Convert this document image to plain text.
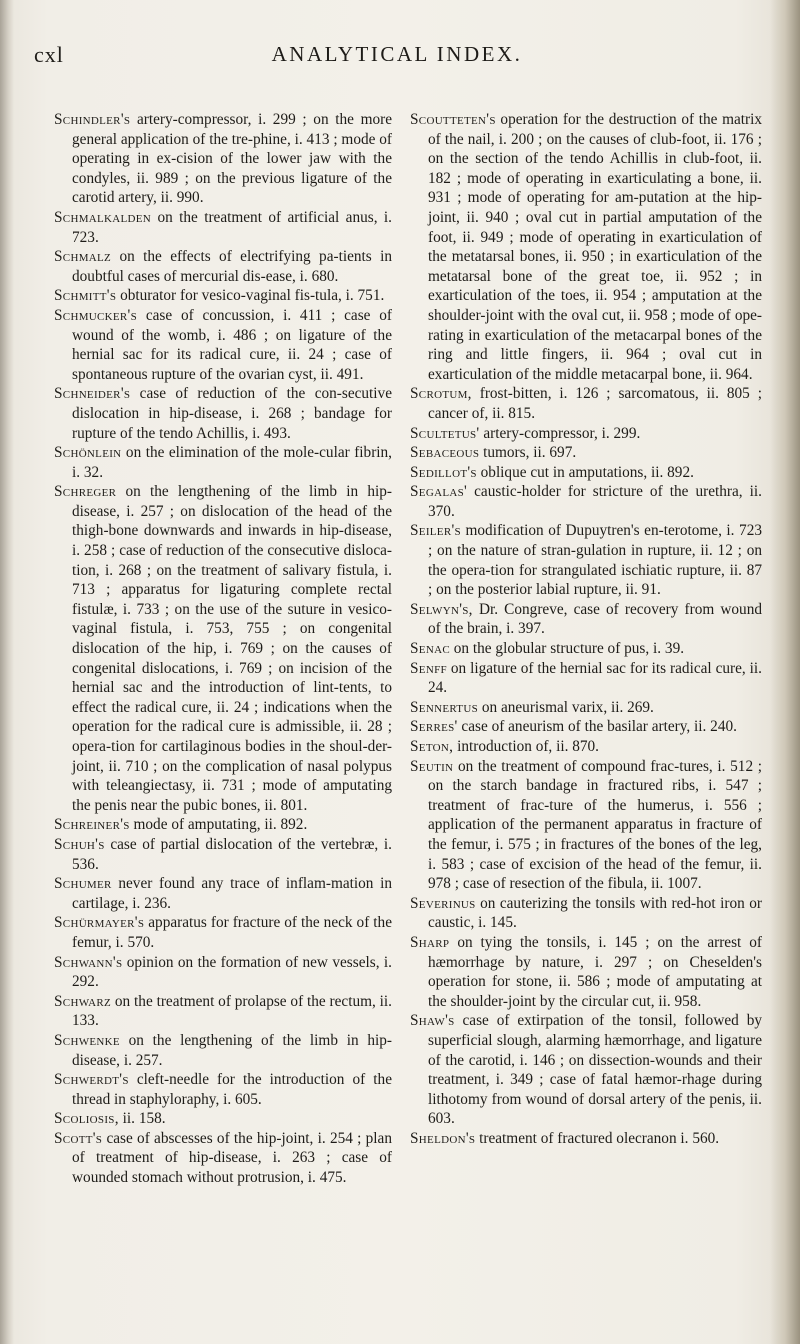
cxl	ANALYTICAL INDEX.

Schindler's artery-compressor, i. 299 ; on the more general application of the tre-phine, i. 413 ; mode of operating in ex-cision of the lower jaw with the condyles, ii. 989 ; on the previous ligature of the carotid artery, ii. 990.

Schmalkalden on the treatment of artificial anus, i. 723.

Schmalz on the effects of electrifying pa-tients in doubtful cases of mercurial dis-ease, i. 680.

Schmitt's obturator for vesico-vaginal fis-tula, i. 751.

Schmucker's case of concussion, i. 411 ; case of wound of the womb, i. 486 ; on ligature of the hernial sac for its radical cure, ii. 24 ; case of spontaneous rupture of the ovarian cyst, ii. 491.

Schneider's case of reduction of the con-secutive dislocation in hip-disease, i. 268 ; bandage for rupture of the tendo Achillis, i. 493.

Schönlein on the elimination of the mole-cular fibrin, i. 32.

Schreger on the lengthening of the limb in hip-disease, i. 257 ; on dislocation of the head of the thigh-bone downwards and inwards in hip-disease, i. 258 ; case of reduction of the consecutive disloca-tion, i. 268 ; on the treatment of salivary fistula, i. 713 ; apparatus for ligaturing complete rectal fistulæ, i. 733 ; on the use of the suture in vesico-vaginal fistula, i. 753, 755 ; on congenital dislocation of the hip, i. 769 ; on the causes of congenital dislocations, i. 769 ; on incision of the hernial sac and the introduction of lint-tents, to effect the radical cure, ii. 24 ; indications when the operation for the radical cure is admissible, ii. 28 ; opera-tion for cartilaginous bodies in the shoul-der-joint, ii. 710 ; on the complication of nasal polypus with teleangiectasy, ii. 731 ; mode of amputating the penis near the pubic bones, ii. 801.

Schreiner's mode of amputating, ii. 892.

Schuh's case of partial dislocation of the vertebræ, i. 536.

Schumer never found any trace of inflam-mation in cartilage, i. 236.

Schürmayer's apparatus for fracture of the neck of the femur, i. 570.

Schwann's opinion on the formation of new vessels, i. 292.

Schwarz on the treatment of prolapse of the rectum, ii. 133.

Schwenke on the lengthening of the limb in hip-disease, i. 257.

Schwerdt's cleft-needle for the introduction of the thread in staphyloraphy, i. 605.

Scoliosis, ii. 158.

Scott's case of abscesses of the hip-joint, i. 254 ; plan of treatment of hip-disease, i. 263 ; case of wounded stomach without protrusion, i. 475.

Scoutteten's operation for the destruction of the matrix of the nail, i. 200 ; on the causes of club-foot, ii. 176 ; on the section of the tendo Achillis in club-foot, ii. 182 ; mode of operating in exarticulating a bone, ii. 931 ; mode of operating for am-putation at the hip-joint, ii. 940 ; oval cut in partial amputation of the foot, ii. 949 ; mode of operating in exarticulation of the metatarsal bones, ii. 950 ; in exarticulation of the metatarsal bone of the great toe, ii. 952 ; in exarticulation of the toes, ii. 954 ; amputation at the shoulder-joint with the oval cut, ii. 958 ; mode of ope-rating in exarticulation of the metacarpal bones of the ring and little fingers, ii. 964 ; oval cut in exarticulation of the middle metacarpal bone, ii. 964.

Scrotum, frost-bitten, i. 126 ; sarcomatous, ii. 805 ; cancer of, ii. 815.

Scultetus' artery-compressor, i. 299.

Sebaceous tumors, ii. 697.

Sedillot's oblique cut in amputations, ii. 892.

Segalas' caustic-holder for stricture of the urethra, ii. 370.

Seiler's modification of Dupuytren's en-terotome, i. 723 ; on the nature of stran-gulation in rupture, ii. 12 ; on the opera-tion for strangulated ischiatic rupture, ii. 87 ; on the posterior labial rupture, ii. 91.

Selwyn's, Dr. Congreve, case of recovery from wound of the brain, i. 397.

Senac on the globular structure of pus, i. 39.

Senff on ligature of the hernial sac for its radical cure, ii. 24.

Sennertus on aneurismal varix, ii. 269.

Serres' case of aneurism of the basilar artery, ii. 240.

Seton, introduction of, ii. 870.

Seutin on the treatment of compound frac-tures, i. 512 ; on the starch bandage in fractured ribs, i. 547 ; treatment of frac-ture of the humerus, i. 556 ; application of the permanent apparatus in fracture of the femur, i. 575 ; in fractures of the bones of the leg, i. 583 ; case of excision of the head of the femur, ii. 978 ; case of resection of the fibula, ii. 1007.

Severinus on cauterizing the tonsils with red-hot iron or caustic, i. 145.

Sharp on tying the tonsils, i. 145 ; on the arrest of hæmorrhage by nature, i. 297 ; on Cheselden's operation for stone, ii. 586 ; mode of amputating at the shoulder-joint by the circular cut, ii. 958.

Shaw's case of extirpation of the tonsil, followed by superficial slough, alarming hæmorrhage, and ligature of the carotid, i. 146 ; on dissection-wounds and their treatment, i. 349 ; case of fatal hæmor-rhage during lithotomy from wound of dorsal artery of the penis, ii. 603.

Sheldon's treatment of fractured olecranon i. 560.
